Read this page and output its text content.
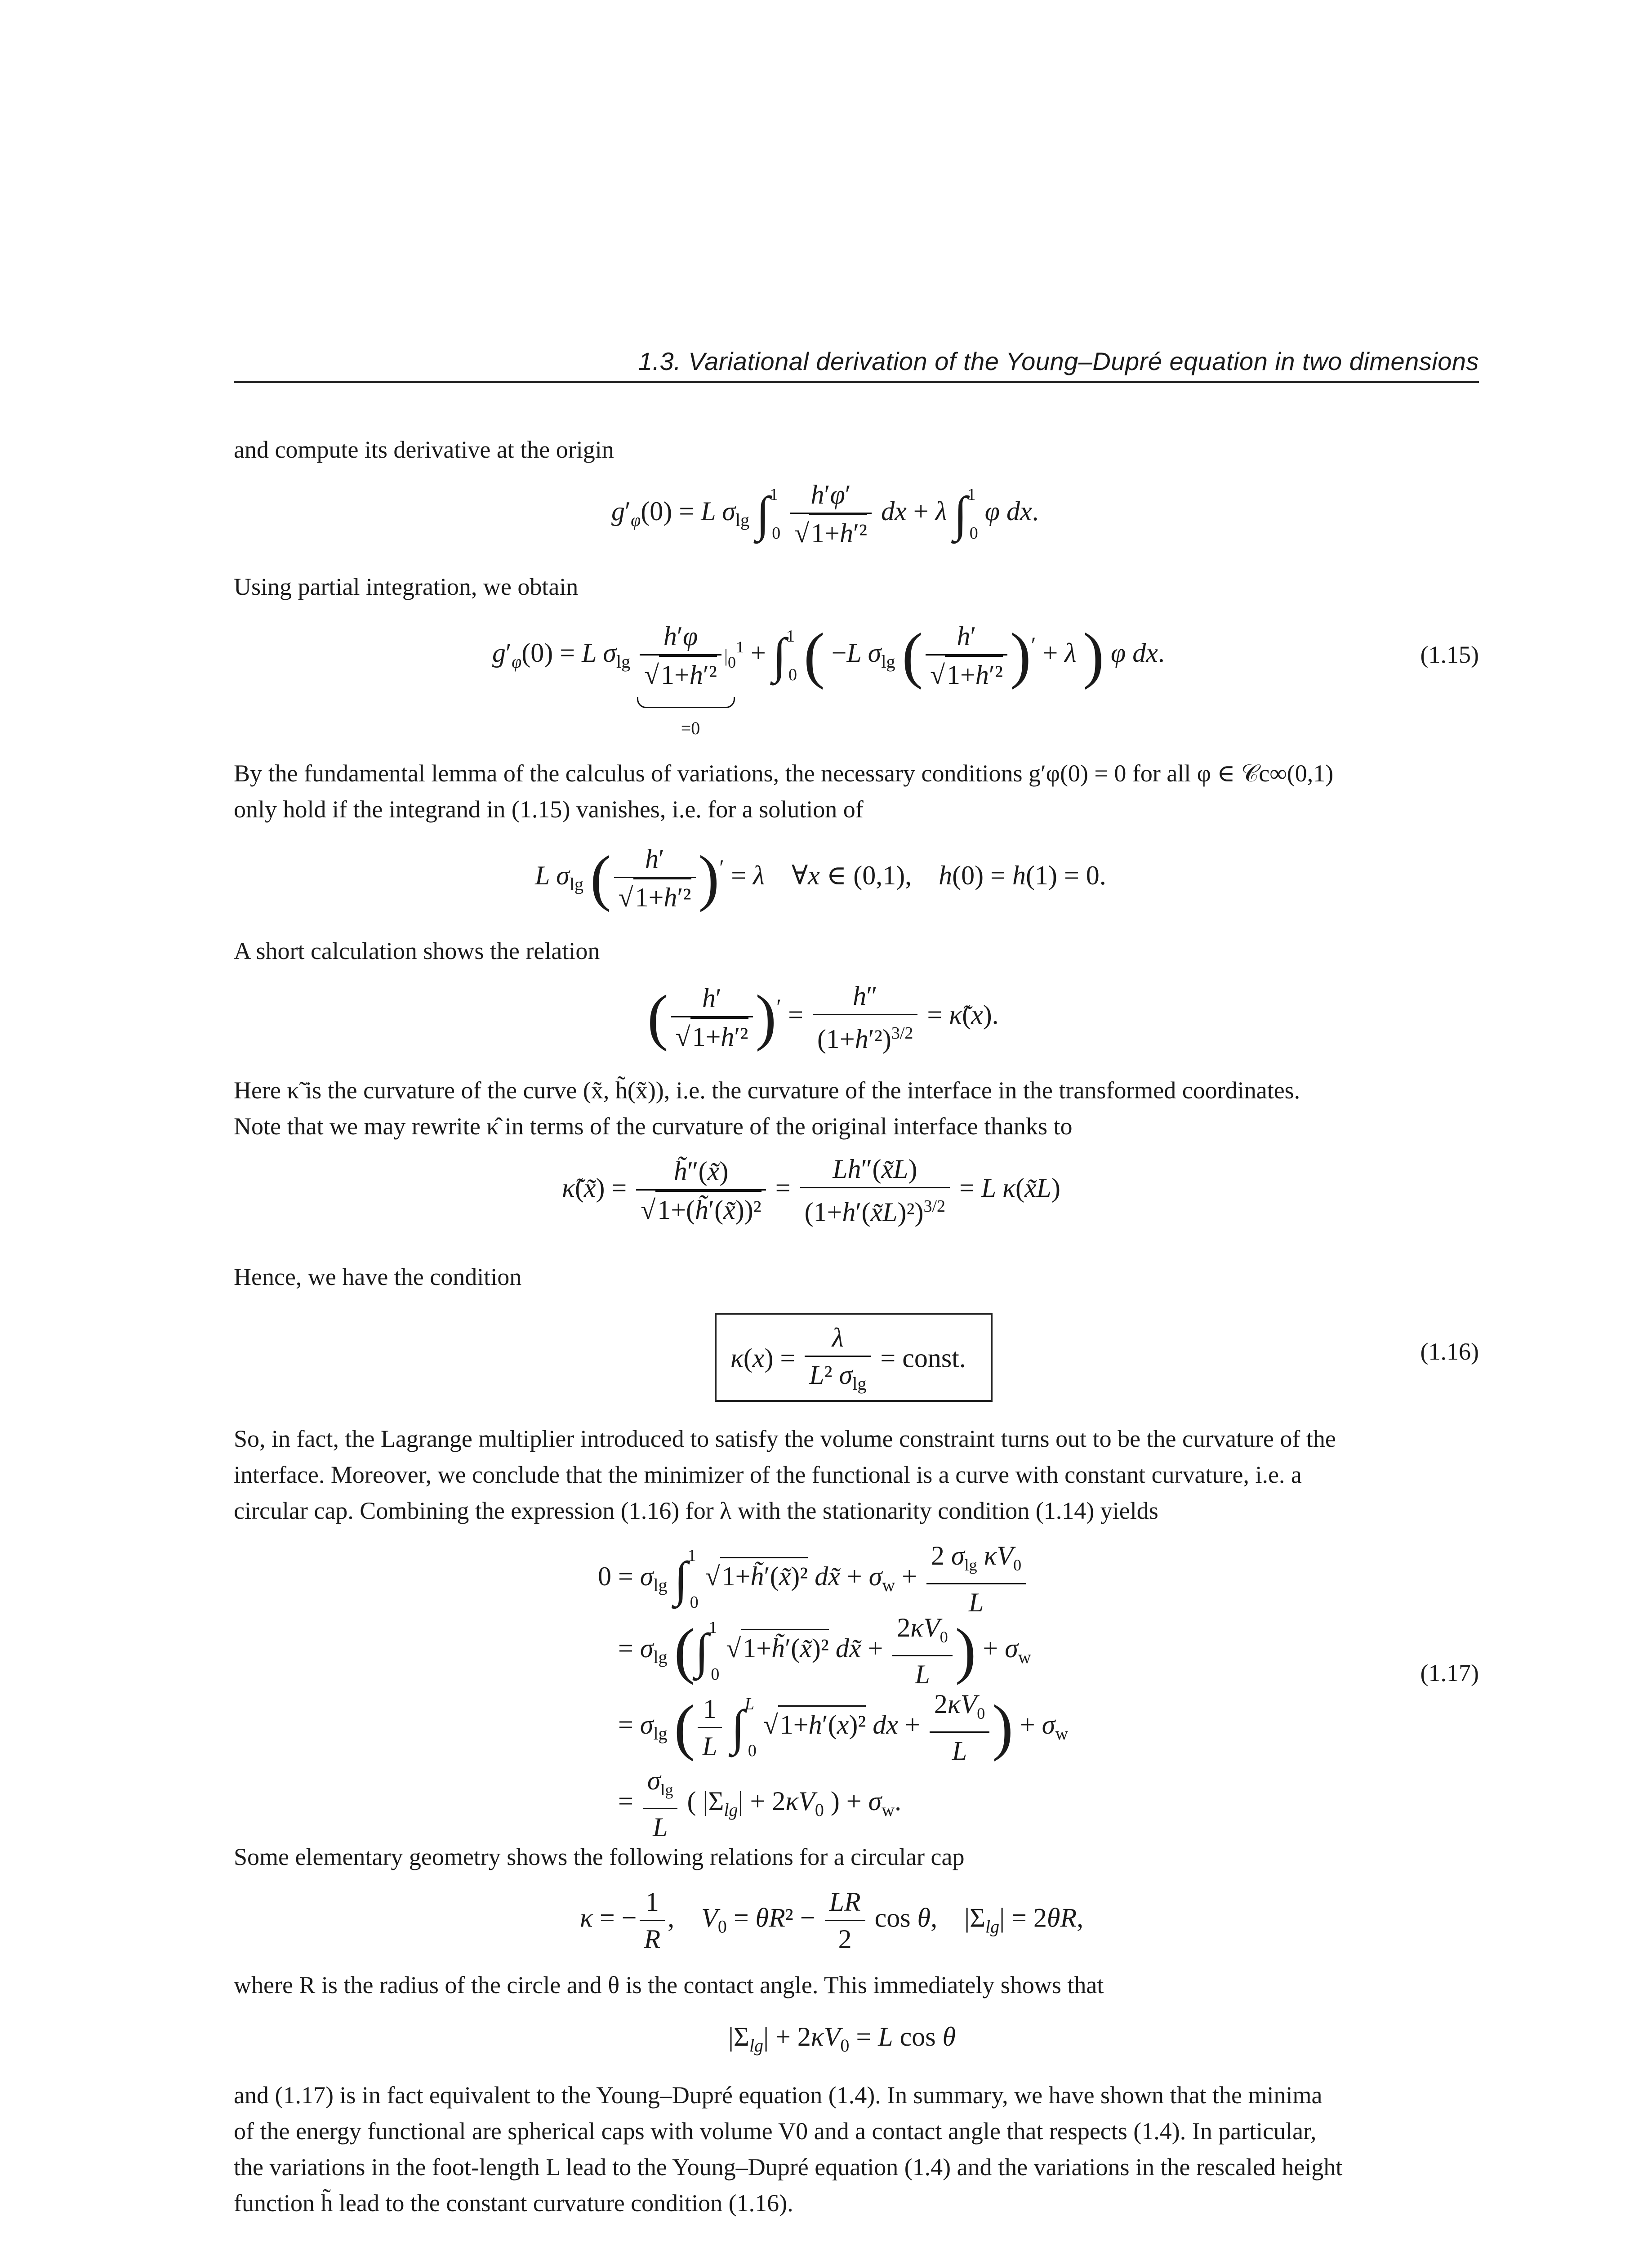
1.3. Variational derivation of the Young–Dupré equation in two dimensions

and compute its derivative at the origin

$g'_\varphi(0) = L$ $\sigma_{lg}$ $\int^10 \frac{h'\varphi'}{\text{√1+h′²}}$ dx + λ ∫$^1$0 φ dx.

Using partial integration, we obtain

$g'_\varphi(0) = L$ $\sigma_{lg} \frac{h'\varphi}{\text{√1+h′²}} |_0^1$
=0
+ ∫$^1$0 ( −L $\sigma_{lg}$ ( $\frac{h'}{\text{√1+h′²}} )' + \lambda$ ) φ dx.	(1.15)

By the fundamental lemma of the calculus of variations, the necessary conditions g′φ(0) = 0 for all φ ∈ 𝒞c∞(0,1)

only hold if the integrand in (1.15) vanishes, i.e. for a solution of

L $\sigma_{lg}$ ( $\frac{h'}{\text{√1+h′²}} )' = \lambda$    ∀x ∈ (0,1),    h(0) = h(1) = 0.

A short calculation shows the relation

( $\frac{h'}{\text{√1+h′²}} )' = \frac{h''}{(1+h'^2)^{3/2}}$ = κ̃(x).

Here κ̃ is the curvature of the curve (x̃, h̃(x̃)), i.e. the curvature of the interface in the transformed coordinates.

Note that we may rewrite κ̂ in terms of the curvature of the original interface thanks to

κ̃(x̃) = $\frac{h̃''(x̃)}{\text{√1+(h̃′(x̃))²}} = \frac{Lh''(x̃L)}{(1+h'(x̃L)^2)^{3/2}} = L$ κ(x̃L)

Hence, we have the condition

$\kappa(x) = \frac{\lambda}{L^2 \sigma_{lg}}$ = const.	(1.16)

So, in fact, the Lagrange multiplier introduced to satisfy the volume constraint turns out to be the curvature of the

interface. Moreover, we conclude that the minimizer of the functional is a curve with constant curvature, i.e. a

circular cap. Combining the expression (1.16) for λ with the stationarity condition (1.14) yields

$0 = \sigma_{lg}$ ∫$^1$0 √1+h̃′(x̃)² dx̃ + $\sigma_w + \frac{2 \sigma_{lg} \kappa V_0}{L}$
= $\sigma_{lg}$ (∫$^1$0 √1+h̃′(x̃)² dx̃ + $\frac{2\kappa V_0}{L}$ ) + $\sigma_w$
(1.17)
= $\sigma_{lg}$ ( $\frac{1}{L} \int^L0$ √1+h′(x)² dx + $\frac{2\kappa V_0}{L}$ ) + $\sigma_w$
= $\frac{\sigma_{lg}}{L}$ ( $|\Sigma_{lg}| + 2\kappa V_0$ ) + $\sigma_w$.

Some elementary geometry shows the following relations for a circular cap

κ = − $\frac{1}{R}$ ,    $V_0 = \theta R^2 - \frac{LR}{2}$ cos θ,    $|\Sigma_{lg}| = 2\theta R$,

where R is the radius of the circle and θ is the contact angle. This immediately shows that

$|\Sigma_{lg}| + 2\kappa V_0 = L$ cos θ

and (1.17) is in fact equivalent to the Young–Dupré equation (1.4). In summary, we have shown that the minima

of the energy functional are spherical caps with volume V0 and a contact angle that respects (1.4). In particular,

the variations in the foot-length L lead to the Young–Dupré equation (1.4) and the variations in the rescaled height

function h̃ lead to the constant curvature condition (1.16).
